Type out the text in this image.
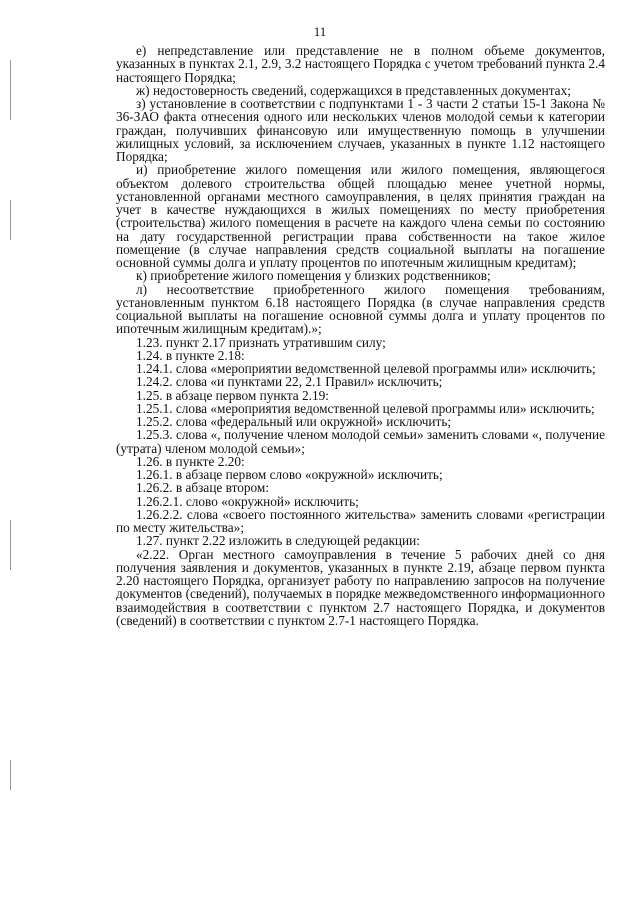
11

е) непредставление или представление не в полном объеме документов, указанных в пунктах 2.1, 2.9, 3.2 настоящего Порядка с учетом требований пункта 2.4 настоящего Порядка;

ж) недостоверность сведений, содержащихся в представленных документах;

з) установление в соответствии с подпунктами 1 - 3 части 2 статьи 15-1 Закона № 36-ЗАО факта отнесения одного или нескольких членов молодой семьи к категории граждан, получивших финансовую или имущественную помощь в улучшении жилищных условий, за исключением случаев, указанных в пункте 1.12 настоящего Порядка;

и) приобретение жилого помещения или жилого помещения, являющегося объектом долевого строительства общей площадью менее учетной нормы, установленной органами местного самоуправления, в целях принятия граждан на учет в качестве нуждающихся в жилых помещениях по месту приобретения (строительства) жилого помещения в расчете на каждого члена семьи по состоянию на дату государственной регистрации права собственности на такое жилое помещение (в случае направления средств социальной выплаты на погашение основной суммы долга и уплату процентов по ипотечным жилищным кредитам);

к) приобретение жилого помещения у близких родственников;

л) несоответствие приобретенного жилого помещения требованиям, установленным пунктом 6.18 настоящего Порядка (в случае направления средств социальной выплаты на погашение основной суммы долга и уплату процентов по ипотечным жилищным кредитам).»;

1.23. пункт 2.17 признать утратившим силу;

1.24. в пункте 2.18:

1.24.1. слова «мероприятии ведомственной целевой программы или» исключить;

1.24.2. слова «и пунктами 22, 2.1 Правил» исключить;

1.25. в абзаце первом пункта 2.19:

1.25.1. слова «мероприятия ведомственной целевой программы или» исключить;

1.25.2. слова «федеральный или окружной» исключить;

1.25.3. слова «, получение членом молодой семьи» заменить словами «, получение (утрата) членом молодой семьи»;

1.26. в пункте 2.20:

1.26.1. в абзаце первом слово «окружной» исключить;

1.26.2. в абзаце втором:

1.26.2.1. слово «окружной» исключить;

1.26.2.2. слова «своего постоянного жительства» заменить словами «регистрации по месту жительства»;

1.27. пункт 2.22 изложить в следующей редакции:

«2.22. Орган местного самоуправления в течение 5 рабочих дней со дня получения заявления и документов, указанных в пункте 2.19, абзаце первом пункта 2.20 настоящего Порядка, организует работу по направлению запросов на получение документов (сведений), получаемых в порядке межведомственного информационного взаимодействия в соответствии с пунктом 2.7 настоящего Порядка, и документов (сведений) в соответствии с пунктом 2.7-1 настоящего Порядка.
